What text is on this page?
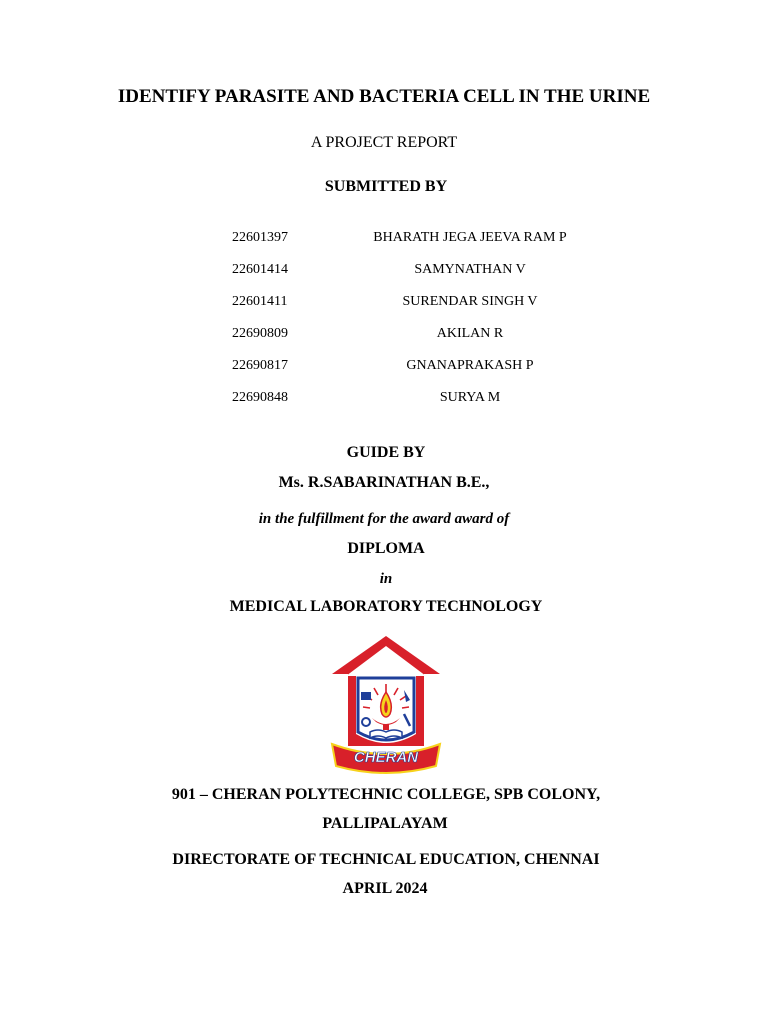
IDENTIFY PARASITE AND BACTERIA CELL IN THE URINE
A PROJECT REPORT
SUBMITTED BY
22601397	BHARATH JEGA JEEVA RAM P
22601414	SAMYNATHAN V
22601411	SURENDAR SINGH V
22690809	AKILAN R
22690817	GNANAPRAKASH P
22690848	SURYA M
GUIDE BY
Ms. R.SABARINATHAN B.E.,
in the fulfillment for the award award of
DIPLOMA
in
MEDICAL LABORATORY TECHNOLOGY
CPC
CHERAN
901 – CHERAN POLYTECHNIC COLLEGE, SPB COLONY,
PALLIPALAYAM
DIRECTORATE OF TECHNICAL EDUCATION, CHENNAI
APRIL 2024
